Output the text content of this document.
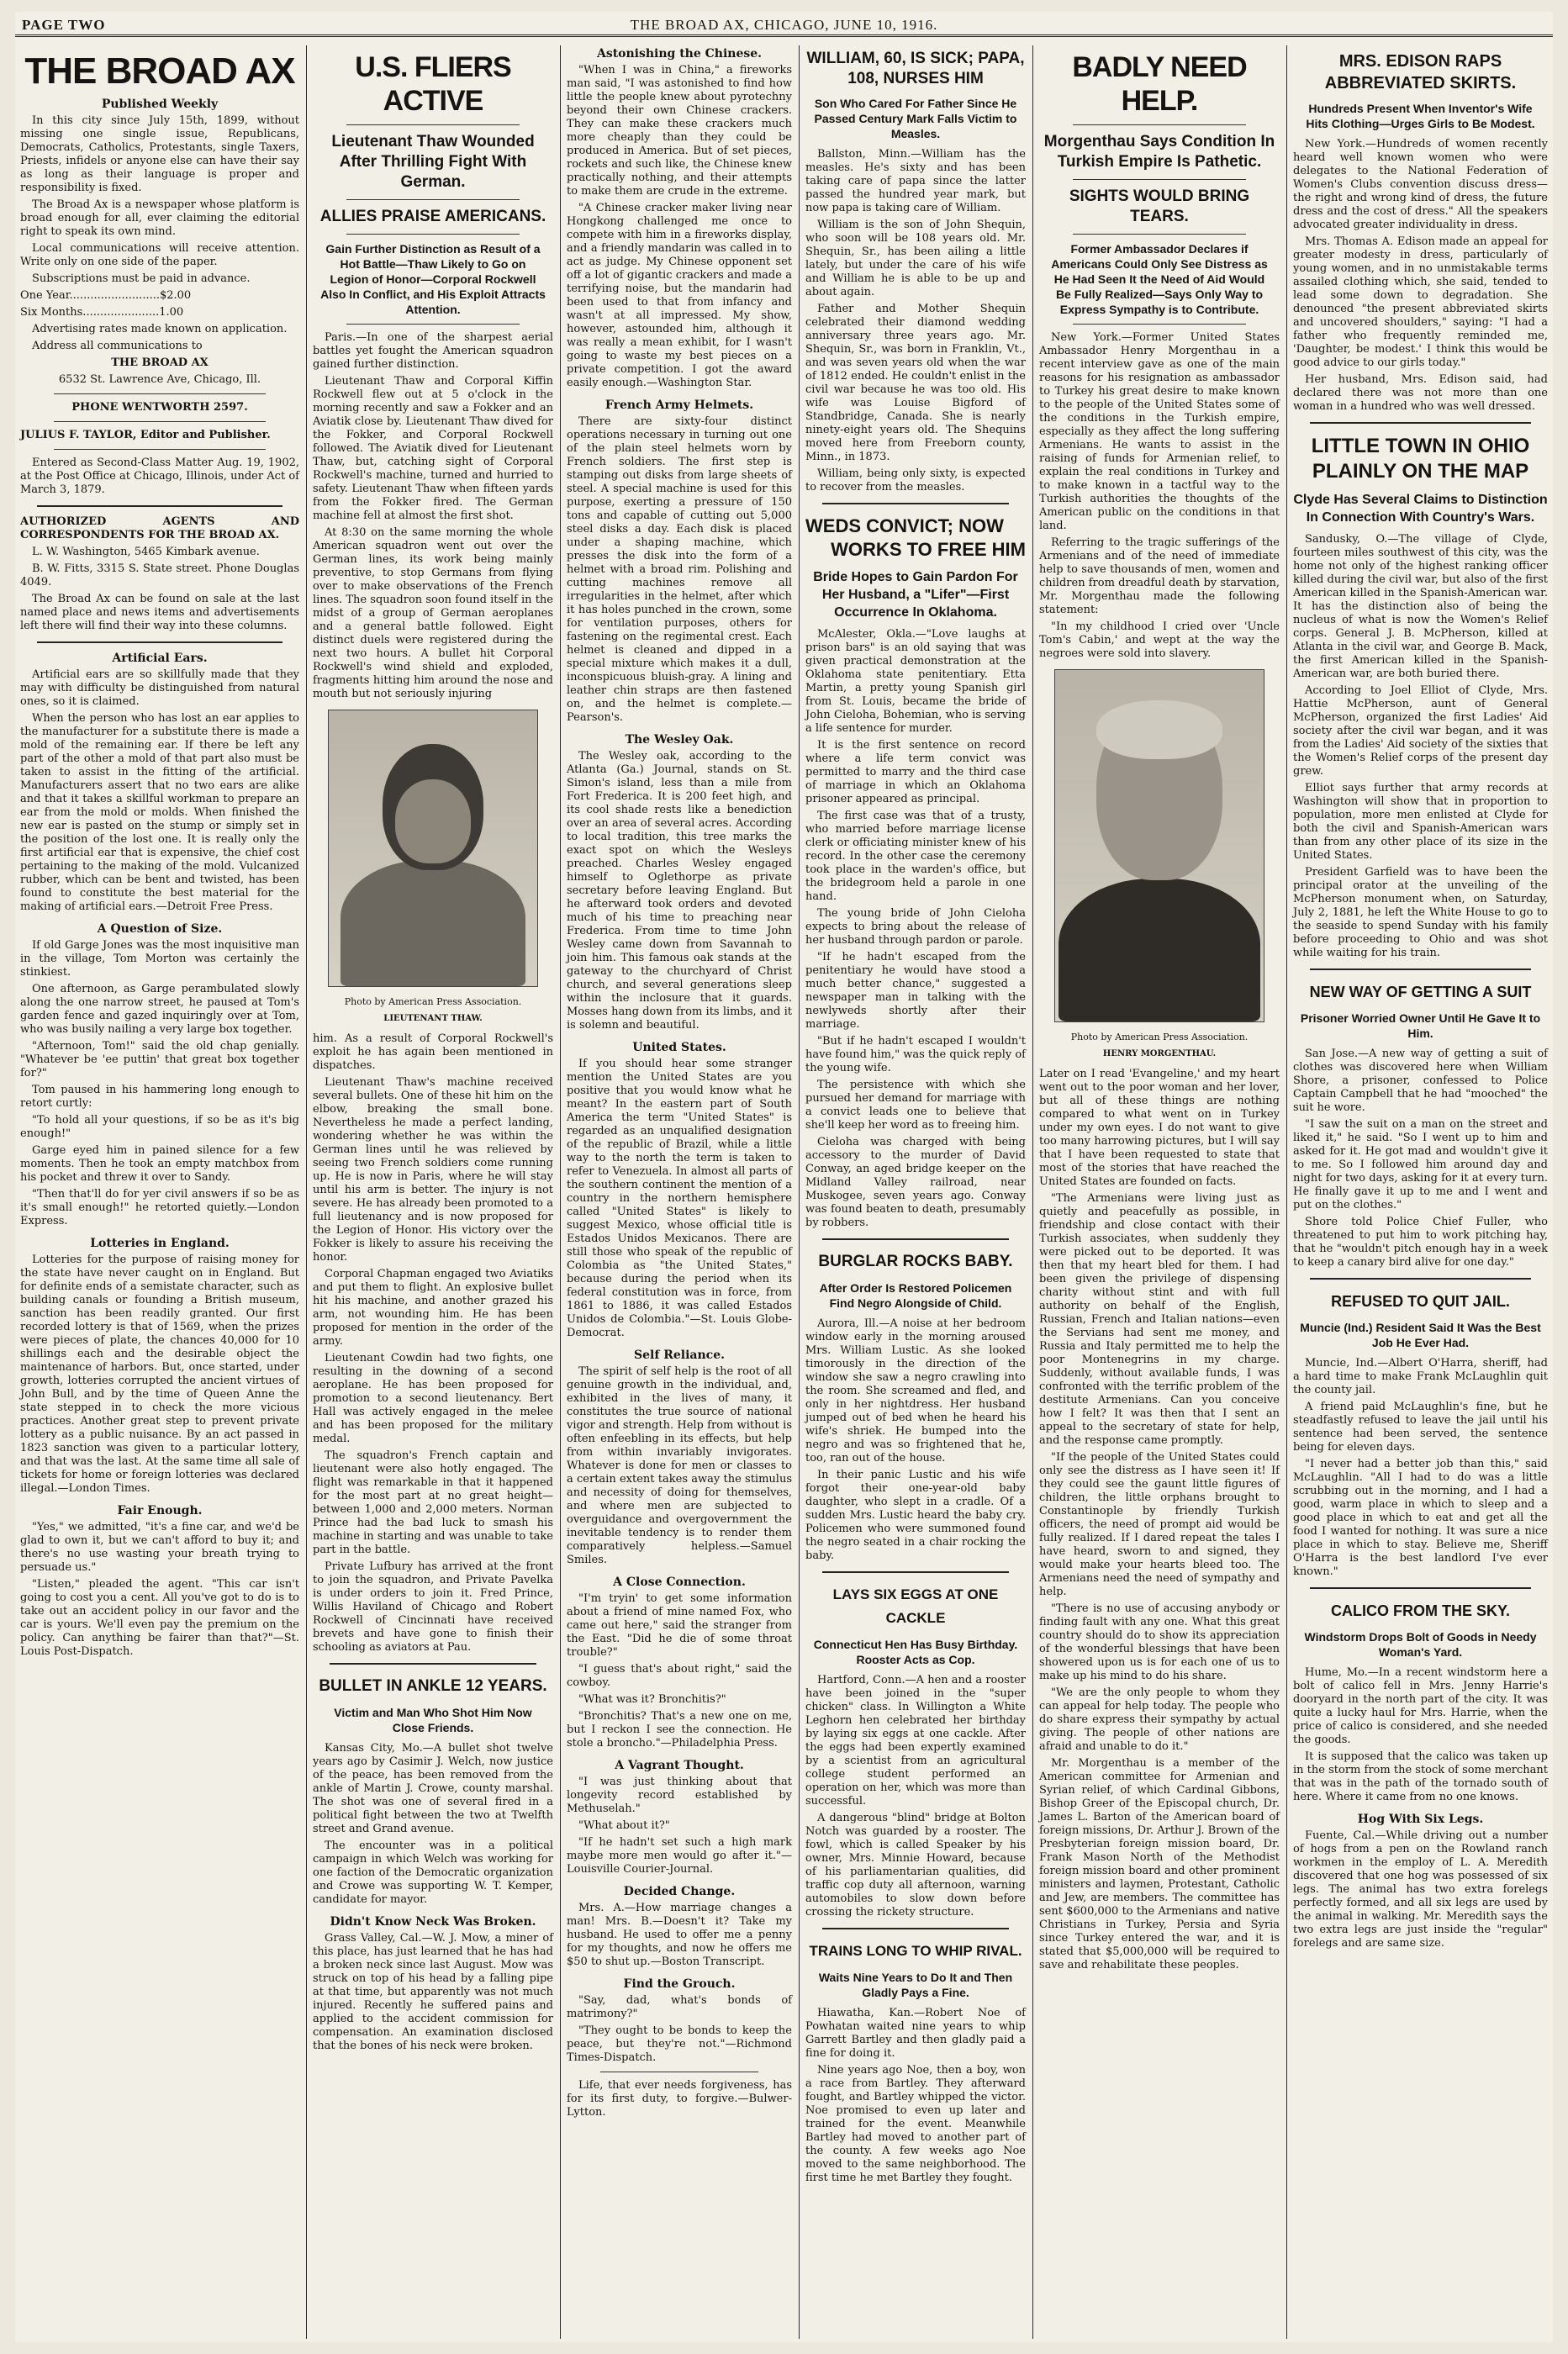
PAGE TWO	THE BROAD AX, CHICAGO, JUNE 10, 1916.
THE BROAD AX
Published Weekly

In this city since July 15th, 1899, without missing one single issue, Republicans, Democrats, Catholics, Protestants, single Taxers, Priests, infidels or anyone else can have their say as long as their language is proper and responsibility is fixed.

The Broad Ax is a newspaper whose platform is broad enough for all, ever claiming the editorial right to speak its own mind.

Local communications will receive attention. Write only on one side of the paper.

Subscriptions must be paid in advance.

One Year..........................$2.00

Six Months......................1.00

Advertising rates made known on application.

Address all communications to

THE BROAD AX

6532 St. Lawrence Ave, Chicago, Ill.

PHONE WENTWORTH 2597.

JULIUS F. TAYLOR, Editor and Publisher.

Entered as Second-Class Matter Aug. 19, 1902, at the Post Office at Chicago, Illinois, under Act of March 3, 1879.

AUTHORIZED AGENTS AND CORRESPONDENTS FOR THE BROAD AX.

L. W. Washington, 5465 Kimbark avenue.

B. W. Fitts, 3315 S. State street. Phone Douglas 4049.

The Broad Ax can be found on sale at the last named place and news items and advertisements left there will find their way into these columns.

Artificial Ears.

Artificial ears are so skillfully made that they may with difficulty be distinguished from natural ones, so it is claimed.

When the person who has lost an ear applies to the manufacturer for a substitute there is made a mold of the remaining ear. If there be left any part of the other a mold of that part also must be taken to assist in the fitting of the artificial. Manufacturers assert that no two ears are alike and that it takes a skillful workman to prepare an ear from the mold or molds. When finished the new ear is pasted on the stump or simply set in the position of the lost one. It is really only the first artificial ear that is expensive, the chief cost pertaining to the making of the mold. Vulcanized rubber, which can be bent and twisted, has been found to constitute the best material for the making of artificial ears.—Detroit Free Press.

A Question of Size.

If old Garge Jones was the most inquisitive man in the village, Tom Morton was certainly the stinkiest.

One afternoon, as Garge perambulated slowly along the one narrow street, he paused at Tom's garden fence and gazed inquiringly over at Tom, who was busily nailing a very large box together.

"Afternoon, Tom!" said the old chap genially. "Whatever be 'ee puttin' that great box together for?"

Tom paused in his hammering long enough to retort curtly:

"To hold all your questions, if so be as it's big enough!"

Garge eyed him in pained silence for a few moments. Then he took an empty matchbox from his pocket and threw it over to Sandy.

"Then that'll do for yer civil answers if so be as it's small enough!" he retorted quietly.—London Express.

Lotteries in England.

Lotteries for the purpose of raising money for the state have never caught on in England. But for definite ends of a semistate character, such as building canals or founding a British museum, sanction has been readily granted. Our first recorded lottery is that of 1569, when the prizes were pieces of plate, the chances 40,000 for 10 shillings each and the desirable object the maintenance of harbors. But, once started, under growth, lotteries corrupted the ancient virtues of John Bull, and by the time of Queen Anne the state stepped in to check the more vicious practices. Another great step to prevent private lottery as a public nuisance. By an act passed in 1823 sanction was given to a particular lottery, and that was the last. At the same time all sale of tickets for home or foreign lotteries was declared illegal.—London Times.

Fair Enough.

"Yes," we admitted, "it's a fine car, and we'd be glad to own it, but we can't afford to buy it; and there's no use wasting your breath trying to persuade us."

"Listen," pleaded the agent. "This car isn't going to cost you a cent. All you've got to do is to take out an accident policy in our favor and the car is yours. We'll even pay the premium on the policy. Can anything be fairer than that?"—St. Louis Post-Dispatch.

U.S. FLIERS ACTIVE
Lieutenant Thaw Wounded After Thrilling Fight With German.
ALLIES PRAISE AMERICANS.
Gain Further Distinction as Result of a Hot Battle—Thaw Likely to Go on Legion of Honor—Corporal Rockwell Also In Conflict, and His Exploit Attracts Attention.

Paris.—In one of the sharpest aerial battles yet fought the American squadron gained further distinction.

Lieutenant Thaw and Corporal Kiffin Rockwell flew out at 5 o'clock in the morning recently and saw a Fokker and an Aviatik close by. Lieutenant Thaw dived for the Fokker, and Corporal Rockwell followed. The Aviatik dived for Lieutenant Thaw, but, catching sight of Corporal Rockwell's machine, turned and hurried to safety. Lieutenant Thaw when fifteen yards from the Fokker fired. The German machine fell at almost the first shot.

At 8:30 on the same morning the whole American squadron went out over the German lines, its work being mainly preventive, to stop Germans from flying over to make observations of the French lines. The squadron soon found itself in the midst of a group of German aeroplanes and a general battle followed. Eight distinct duels were registered during the next two hours. A bullet hit Corporal Rockwell's wind shield and exploded, fragments hitting him around the nose and mouth but not seriously injuring

Photo by American Press Association.

LIEUTENANT THAW.

him. As a result of Corporal Rockwell's exploit he has again been mentioned in dispatches.

Lieutenant Thaw's machine received several bullets. One of these hit him on the elbow, breaking the small bone. Nevertheless he made a perfect landing, wondering whether he was within the German lines until he was relieved by seeing two French soldiers come running up. He is now in Paris, where he will stay until his arm is better. The injury is not severe. He has already been promoted to a full lieutenancy and is now proposed for the Legion of Honor. His victory over the Fokker is likely to assure his receiving the honor.

Corporal Chapman engaged two Aviatiks and put them to flight. An explosive bullet hit his machine, and another grazed his arm, not wounding him. He has been proposed for mention in the order of the army.

Lieutenant Cowdin had two fights, one resulting in the downing of a second aeroplane. He has been proposed for promotion to a second lieutenancy. Bert Hall was actively engaged in the melee and has been proposed for the military medal.

The squadron's French captain and lieutenant were also hotly engaged. The flight was remarkable in that it happened for the most part at no great height—between 1,000 and 2,000 meters. Norman Prince had the bad luck to smash his machine in starting and was unable to take part in the battle.

Private Lufbury has arrived at the front to join the squadron, and Private Pavelka is under orders to join it. Fred Prince, Willis Haviland of Chicago and Robert Rockwell of Cincinnati have received brevets and have gone to finish their schooling as aviators at Pau.

BULLET IN ANKLE 12 YEARS.
Victim and Man Who Shot Him Now Close Friends.

Kansas City, Mo.—A bullet shot twelve years ago by Casimir J. Welch, now justice of the peace, has been removed from the ankle of Martin J. Crowe, county marshal. The shot was one of several fired in a political fight between the two at Twelfth street and Grand avenue.

The encounter was in a political campaign in which Welch was working for one faction of the Democratic organization and Crowe was supporting W. T. Kemper, candidate for mayor.

Didn't Know Neck Was Broken.

Grass Valley, Cal.—W. J. Mow, a miner of this place, has just learned that he has had a broken neck since last August. Mow was struck on top of his head by a falling pipe at that time, but apparently was not much injured. Recently he suffered pains and applied to the accident commission for compensation. An examination disclosed that the bones of his neck were broken.

Astonishing the Chinese.

"When I was in China," a fireworks man said, "I was astonished to find how little the people knew about pyrotechny beyond their own Chinese crackers. They can make these crackers much more cheaply than they could be produced in America. But of set pieces, rockets and such like, the Chinese knew practically nothing, and their attempts to make them are crude in the extreme.

"A Chinese cracker maker living near Hongkong challenged me once to compete with him in a fireworks display, and a friendly mandarin was called in to act as judge. My Chinese opponent set off a lot of gigantic crackers and made a terrifying noise, but the mandarin had been used to that from infancy and wasn't at all impressed. My show, however, astounded him, although it was really a mean exhibit, for I wasn't going to waste my best pieces on a private competition. I got the award easily enough.—Washington Star.

French Army Helmets.

There are sixty-four distinct operations necessary in turning out one of the plain steel helmets worn by French soldiers. The first step is stamping out disks from large sheets of steel. A special machine is used for this purpose, exerting a pressure of 150 tons and capable of cutting out 5,000 steel disks a day. Each disk is placed under a shaping machine, which presses the disk into the form of a helmet with a broad rim. Polishing and cutting machines remove all irregularities in the helmet, after which it has holes punched in the crown, some for ventilation purposes, others for fastening on the regimental crest. Each helmet is cleaned and dipped in a special mixture which makes it a dull, inconspicuous bluish-gray. A lining and leather chin straps are then fastened on, and the helmet is complete.—Pearson's.

The Wesley Oak.

The Wesley oak, according to the Atlanta (Ga.) Journal, stands on St. Simon's island, less than a mile from Fort Frederica. It is 200 feet high, and its cool shade rests like a benediction over an area of several acres. According to local tradition, this tree marks the exact spot on which the Wesleys preached. Charles Wesley engaged himself to Oglethorpe as private secretary before leaving England. But he afterward took orders and devoted much of his time to preaching near Frederica. From time to time John Wesley came down from Savannah to join him. This famous oak stands at the gateway to the churchyard of Christ church, and several generations sleep within the inclosure that it guards. Mosses hang down from its limbs, and it is solemn and beautiful.

United States.

If you should hear some stranger mention the United States are you positive that you would know what he meant? In the eastern part of South America the term "United States" is regarded as an unqualified designation of the republic of Brazil, while a little way to the north the term is taken to refer to Venezuela. In almost all parts of the southern continent the mention of a country in the northern hemisphere called "United States" is likely to suggest Mexico, whose official title is Estados Unidos Mexicanos. There are still those who speak of the republic of Colombia as "the United States," because during the period when its federal constitution was in force, from 1861 to 1886, it was called Estados Unidos de Colombia."—St. Louis Globe-Democrat.

Self Reliance.

The spirit of self help is the root of all genuine growth in the individual, and, exhibited in the lives of many, it constitutes the true source of national vigor and strength. Help from without is often enfeebling in its effects, but help from within invariably invigorates. Whatever is done for men or classes to a certain extent takes away the stimulus and necessity of doing for themselves, and where men are subjected to overguidance and overgovernment the inevitable tendency is to render them comparatively helpless.—Samuel Smiles.

A Close Connection.

"I'm tryin' to get some information about a friend of mine named Fox, who came out here," said the stranger from the East. "Did he die of some throat trouble?"

"I guess that's about right," said the cowboy.

"What was it? Bronchitis?"

"Bronchitis? That's a new one on me, but I reckon I see the connection. He stole a broncho."—Philadelphia Press.

A Vagrant Thought.

"I was just thinking about that longevity record established by Methuselah."

"What about it?"

"If he hadn't set such a high mark maybe more men would go after it."—Louisville Courier-Journal.

Decided Change.

Mrs. A.—How marriage changes a man! Mrs. B.—Doesn't it? Take my husband. He used to offer me a penny for my thoughts, and now he offers me $50 to shut up.—Boston Transcript.

Find the Grouch.

"Say, dad, what's bonds of matrimony?"

"They ought to be bonds to keep the peace, but they're not."—Richmond Times-Dispatch.

Life, that ever needs forgiveness, has for its first duty, to forgive.—Bulwer-Lytton.

WILLIAM, 60, IS SICK; PAPA, 108, NURSES HIM
Son Who Cared For Father Since He Passed Century Mark Falls Victim to Measles.

Ballston, Minn.—William has the measles. He's sixty and has been taking care of papa since the latter passed the hundred year mark, but now papa is taking care of William.

William is the son of John Shequin, who soon will be 108 years old. Mr. Shequin, Sr., has been ailing a little lately, but under the care of his wife and William he is able to be up and about again.

Father and Mother Shequin celebrated their diamond wedding anniversary three years ago. Mr. Shequin, Sr., was born in Franklin, Vt., and was seven years old when the war of 1812 ended. He couldn't enlist in the civil war because he was too old. His wife was Louise Bigford of Standbridge, Canada. She is nearly ninety-eight years old. The Shequins moved here from Freeborn county, Minn., in 1873.

William, being only sixty, is expected to recover from the measles.

WEDS CONVICT; NOW
WORKS TO FREE HIM
Bride Hopes to Gain Pardon For Her Husband, a "Lifer"—First Occurrence In Oklahoma.

McAlester, Okla.—"Love laughs at prison bars" is an old saying that was given practical demonstration at the Oklahoma state penitentiary. Etta Martin, a pretty young Spanish girl from St. Louis, became the bride of John Cieloha, Bohemian, who is serving a life sentence for murder.

It is the first sentence on record where a life term convict was permitted to marry and the third case of marriage in which an Oklahoma prisoner appeared as principal.

The first case was that of a trusty, who married before marriage license clerk or officiating minister knew of his record. In the other case the ceremony took place in the warden's office, but the bridegroom held a parole in one hand.

The young bride of John Cieloha expects to bring about the release of her husband through pardon or parole.

"If he hadn't escaped from the penitentiary he would have stood a much better chance," suggested a newspaper man in talking with the newlyweds shortly after their marriage.

"But if he hadn't escaped I wouldn't have found him," was the quick reply of the young wife.

The persistence with which she pursued her demand for marriage with a convict leads one to believe that she'll keep her word as to freeing him.

Cieloha was charged with being accessory to the murder of David Conway, an aged bridge keeper on the Midland Valley railroad, near Muskogee, seven years ago. Conway was found beaten to death, presumably by robbers.

BURGLAR ROCKS BABY.
After Order Is Restored Policemen Find Negro Alongside of Child.

Aurora, Ill.—A noise at her bedroom window early in the morning aroused Mrs. William Lustic. As she looked timorously in the direction of the window she saw a negro crawling into the room. She screamed and fled, and only in her nightdress. Her husband jumped out of bed when he heard his wife's shriek. He bumped into the negro and was so frightened that he, too, ran out of the house.

In their panic Lustic and his wife forgot their one-year-old baby daughter, who slept in a cradle. Of a sudden Mrs. Lustic heard the baby cry. Policemen who were summoned found the negro seated in a chair rocking the baby.

LAYS SIX EGGS AT ONE CACKLE
Connecticut Hen Has Busy Birthday. Rooster Acts as Cop.

Hartford, Conn.—A hen and a rooster have been joined in the "super chicken" class. In Willington a White Leghorn hen celebrated her birthday by laying six eggs at one cackle. After the eggs had been expertly examined by a scientist from an agricultural college student performed an operation on her, which was more than successful.

A dangerous "blind" bridge at Bolton Notch was guarded by a rooster. The fowl, which is called Speaker by his owner, Mrs. Minnie Howard, because of his parliamentarian qualities, did traffic cop duty all afternoon, warning automobiles to slow down before crossing the rickety structure.

TRAINS LONG TO WHIP RIVAL.
Waits Nine Years to Do It and Then Gladly Pays a Fine.

Hiawatha, Kan.—Robert Noe of Powhatan waited nine years to whip Garrett Bartley and then gladly paid a fine for doing it.

Nine years ago Noe, then a boy, won a race from Bartley. They afterward fought, and Bartley whipped the victor. Noe promised to even up later and trained for the event. Meanwhile Bartley had moved to another part of the county. A few weeks ago Noe moved to the same neighborhood. The first time he met Bartley they fought.

BADLY NEED HELP.
Morgenthau Says Condition In Turkish Empire Is Pathetic.
SIGHTS WOULD BRING TEARS.
Former Ambassador Declares if Americans Could Only See Distress as He Had Seen It the Need of Aid Would Be Fully Realized—Says Only Way to Express Sympathy is to Contribute.

New York.—Former United States Ambassador Henry Morgenthau in a recent interview gave as one of the main reasons for his resignation as ambassador to Turkey his great desire to make known to the people of the United States some of the conditions in the Turkish empire, especially as they affect the long suffering Armenians. He wants to assist in the raising of funds for Armenian relief, to explain the real conditions in Turkey and to make known in a tactful way to the Turkish authorities the thoughts of the American public on the conditions in that land.

Referring to the tragic sufferings of the Armenians and of the need of immediate help to save thousands of men, women and children from dreadful death by starvation, Mr. Morgenthau made the following statement:

"In my childhood I cried over 'Uncle Tom's Cabin,' and wept at the way the negroes were sold into slavery.

Photo by American Press Association.

HENRY MORGENTHAU.

Later on I read 'Evangeline,' and my heart went out to the poor woman and her lover, but all of these things are nothing compared to what went on in Turkey under my own eyes. I do not want to give too many harrowing pictures, but I will say that I have been requested to state that most of the stories that have reached the United States are founded on facts.

"The Armenians were living just as quietly and peacefully as possible, in friendship and close contact with their Turkish associates, when suddenly they were picked out to be deported. It was then that my heart bled for them. I had been given the privilege of dispensing charity without stint and with full authority on behalf of the English, Russian, French and Italian nations—even the Servians had sent me money, and Russia and Italy permitted me to help the poor Montenegrins in my charge. Suddenly, without available funds, I was confronted with the terrific problem of the destitute Armenians. Can you conceive how I felt? It was then that I sent an appeal to the secretary of state for help, and the response came promptly.

"If the people of the United States could only see the distress as I have seen it! If they could see the gaunt little figures of children, the little orphans brought to Constantinople by friendly Turkish officers, the need of prompt aid would be fully realized. If I dared repeat the tales I have heard, sworn to and signed, they would make your hearts bleed too. The Armenians need the need of sympathy and help.

"There is no use of accusing anybody or finding fault with any one. What this great country should do to show its appreciation of the wonderful blessings that have been showered upon us is for each one of us to make up his mind to do his share.

"We are the only people to whom they can appeal for help today. The people who do share express their sympathy by actual giving. The people of other nations are afraid and unable to do it."

Mr. Morgenthau is a member of the American committee for Armenian and Syrian relief, of which Cardinal Gibbons, Bishop Greer of the Episcopal church, Dr. James L. Barton of the American board of foreign missions, Dr. Arthur J. Brown of the Presbyterian foreign mission board, Dr. Frank Mason North of the Methodist foreign mission board and other prominent ministers and laymen, Protestant, Catholic and Jew, are members. The committee has sent $600,000 to the Armenians and native Christians in Turkey, Persia and Syria since Turkey entered the war, and it is stated that $5,000,000 will be required to save and rehabilitate these peoples.

MRS. EDISON RAPS ABBREVIATED SKIRTS.
Hundreds Present When Inventor's Wife Hits Clothing—Urges Girls to Be Modest.

New York.—Hundreds of women recently heard well known women who were delegates to the National Federation of Women's Clubs convention discuss dress—the right and wrong kind of dress, the future dress and the cost of dress." All the speakers advocated greater individuality in dress.

Mrs. Thomas A. Edison made an appeal for greater modesty in dress, particularly of young women, and in no unmistakable terms assailed clothing which, she said, tended to lead some down to degradation. She denounced "the present abbreviated skirts and uncovered shoulders," saying: "I had a father who frequently reminded me, 'Daughter, be modest.' I think this would be good advice to our girls today."

Her husband, Mrs. Edison said, had declared there was not more than one woman in a hundred who was well dressed.

LITTLE TOWN IN OHIO PLAINLY ON THE MAP
Clyde Has Several Claims to Distinction In Connection With Country's Wars.

Sandusky, O.—The village of Clyde, fourteen miles southwest of this city, was the home not only of the highest ranking officer killed during the civil war, but also of the first American killed in the Spanish-American war. It has the distinction also of being the nucleus of what is now the Women's Relief corps. General J. B. McPherson, killed at Atlanta in the civil war, and George B. Mack, the first American killed in the Spanish-American war, are both buried there.

According to Joel Elliot of Clyde, Mrs. Hattie McPherson, aunt of General McPherson, organized the first Ladies' Aid society after the civil war began, and it was from the Ladies' Aid society of the sixties that the Women's Relief corps of the present day grew.

Elliot says further that army records at Washington will show that in proportion to population, more men enlisted at Clyde for both the civil and Spanish-American wars than from any other place of its size in the United States.

President Garfield was to have been the principal orator at the unveiling of the McPherson monument when, on Saturday, July 2, 1881, he left the White House to go to the seaside to spend Sunday with his family before proceeding to Ohio and was shot while waiting for his train.

NEW WAY OF GETTING A SUIT
Prisoner Worried Owner Until He Gave It to Him.

San Jose.—A new way of getting a suit of clothes was discovered here when William Shore, a prisoner, confessed to Police Captain Campbell that he had "mooched" the suit he wore.

"I saw the suit on a man on the street and liked it," he said. "So I went up to him and asked for it. He got mad and wouldn't give it to me. So I followed him around day and night for two days, asking for it at every turn. He finally gave it up to me and I went and put on the clothes."

Shore told Police Chief Fuller, who threatened to put him to work pitching hay, that he "wouldn't pitch enough hay in a week to keep a canary bird alive for one day."

REFUSED TO QUIT JAIL.
Muncie (Ind.) Resident Said It Was the Best Job He Ever Had.

Muncie, Ind.—Albert O'Harra, sheriff, had a hard time to make Frank McLaughlin quit the county jail.

A friend paid McLaughlin's fine, but he steadfastly refused to leave the jail until his sentence had been served, the sentence being for eleven days.

"I never had a better job than this," said McLaughlin. "All I had to do was a little scrubbing out in the morning, and I had a good, warm place in which to sleep and a good place in which to eat and get all the food I wanted for nothing. It was sure a nice place in which to stay. Believe me, Sheriff O'Harra is the best landlord I've ever known."

CALICO FROM THE SKY.
Windstorm Drops Bolt of Goods in Needy Woman's Yard.

Hume, Mo.—In a recent windstorm here a bolt of calico fell in Mrs. Jenny Harrie's dooryard in the north part of the city. It was quite a lucky haul for Mrs. Harrie, when the price of calico is considered, and she needed the goods.

It is supposed that the calico was taken up in the storm from the stock of some merchant that was in the path of the tornado south of here. Where it came from no one knows.

Hog With Six Legs.

Fuente, Cal.—While driving out a number of hogs from a pen on the Rowland ranch workmen in the employ of L. A. Meredith discovered that one hog was possessed of six legs. The animal has two extra forelegs perfectly formed, and all six legs are used by the animal in walking. Mr. Meredith says the two extra legs are just inside the "regular" forelegs and are same size.
